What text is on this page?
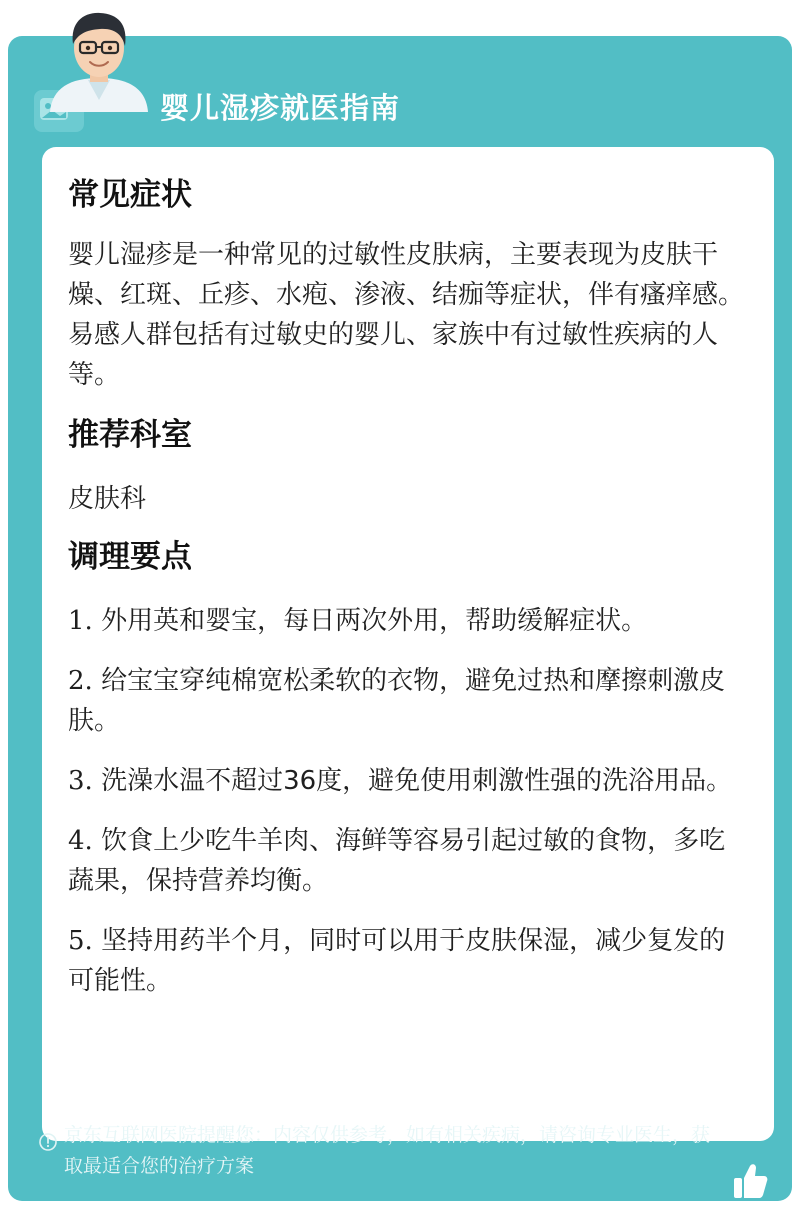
婴儿湿疹就医指南
常见症状

婴儿湿疹是一种常见的过敏性皮肤病，主要表现为皮肤干燥、红斑、丘疹、水疱、渗液、结痂等症状，伴有瘙痒感。易感人群包括有过敏史的婴儿、家族中有过敏性疾病的人等。

推荐科室

皮肤科

调理要点

1. 外用英和婴宝，每日两次外用，帮助缓解症状。

2. 给宝宝穿纯棉宽松柔软的衣物，避免过热和摩擦刺激皮肤。

3. 洗澡水温不超过36度，避免使用刺激性强的洗浴用品。

4. 饮食上少吃牛羊肉、海鲜等容易引起过敏的食物，多吃蔬果，保持营养均衡。

5. 坚持用药半个月，同时可以用于皮肤保湿，减少复发的可能性。

京东互联网医院提醒您：内容仅供参考，如有相关疾病，请咨询专业医生，获取最适合您的治疗方案
